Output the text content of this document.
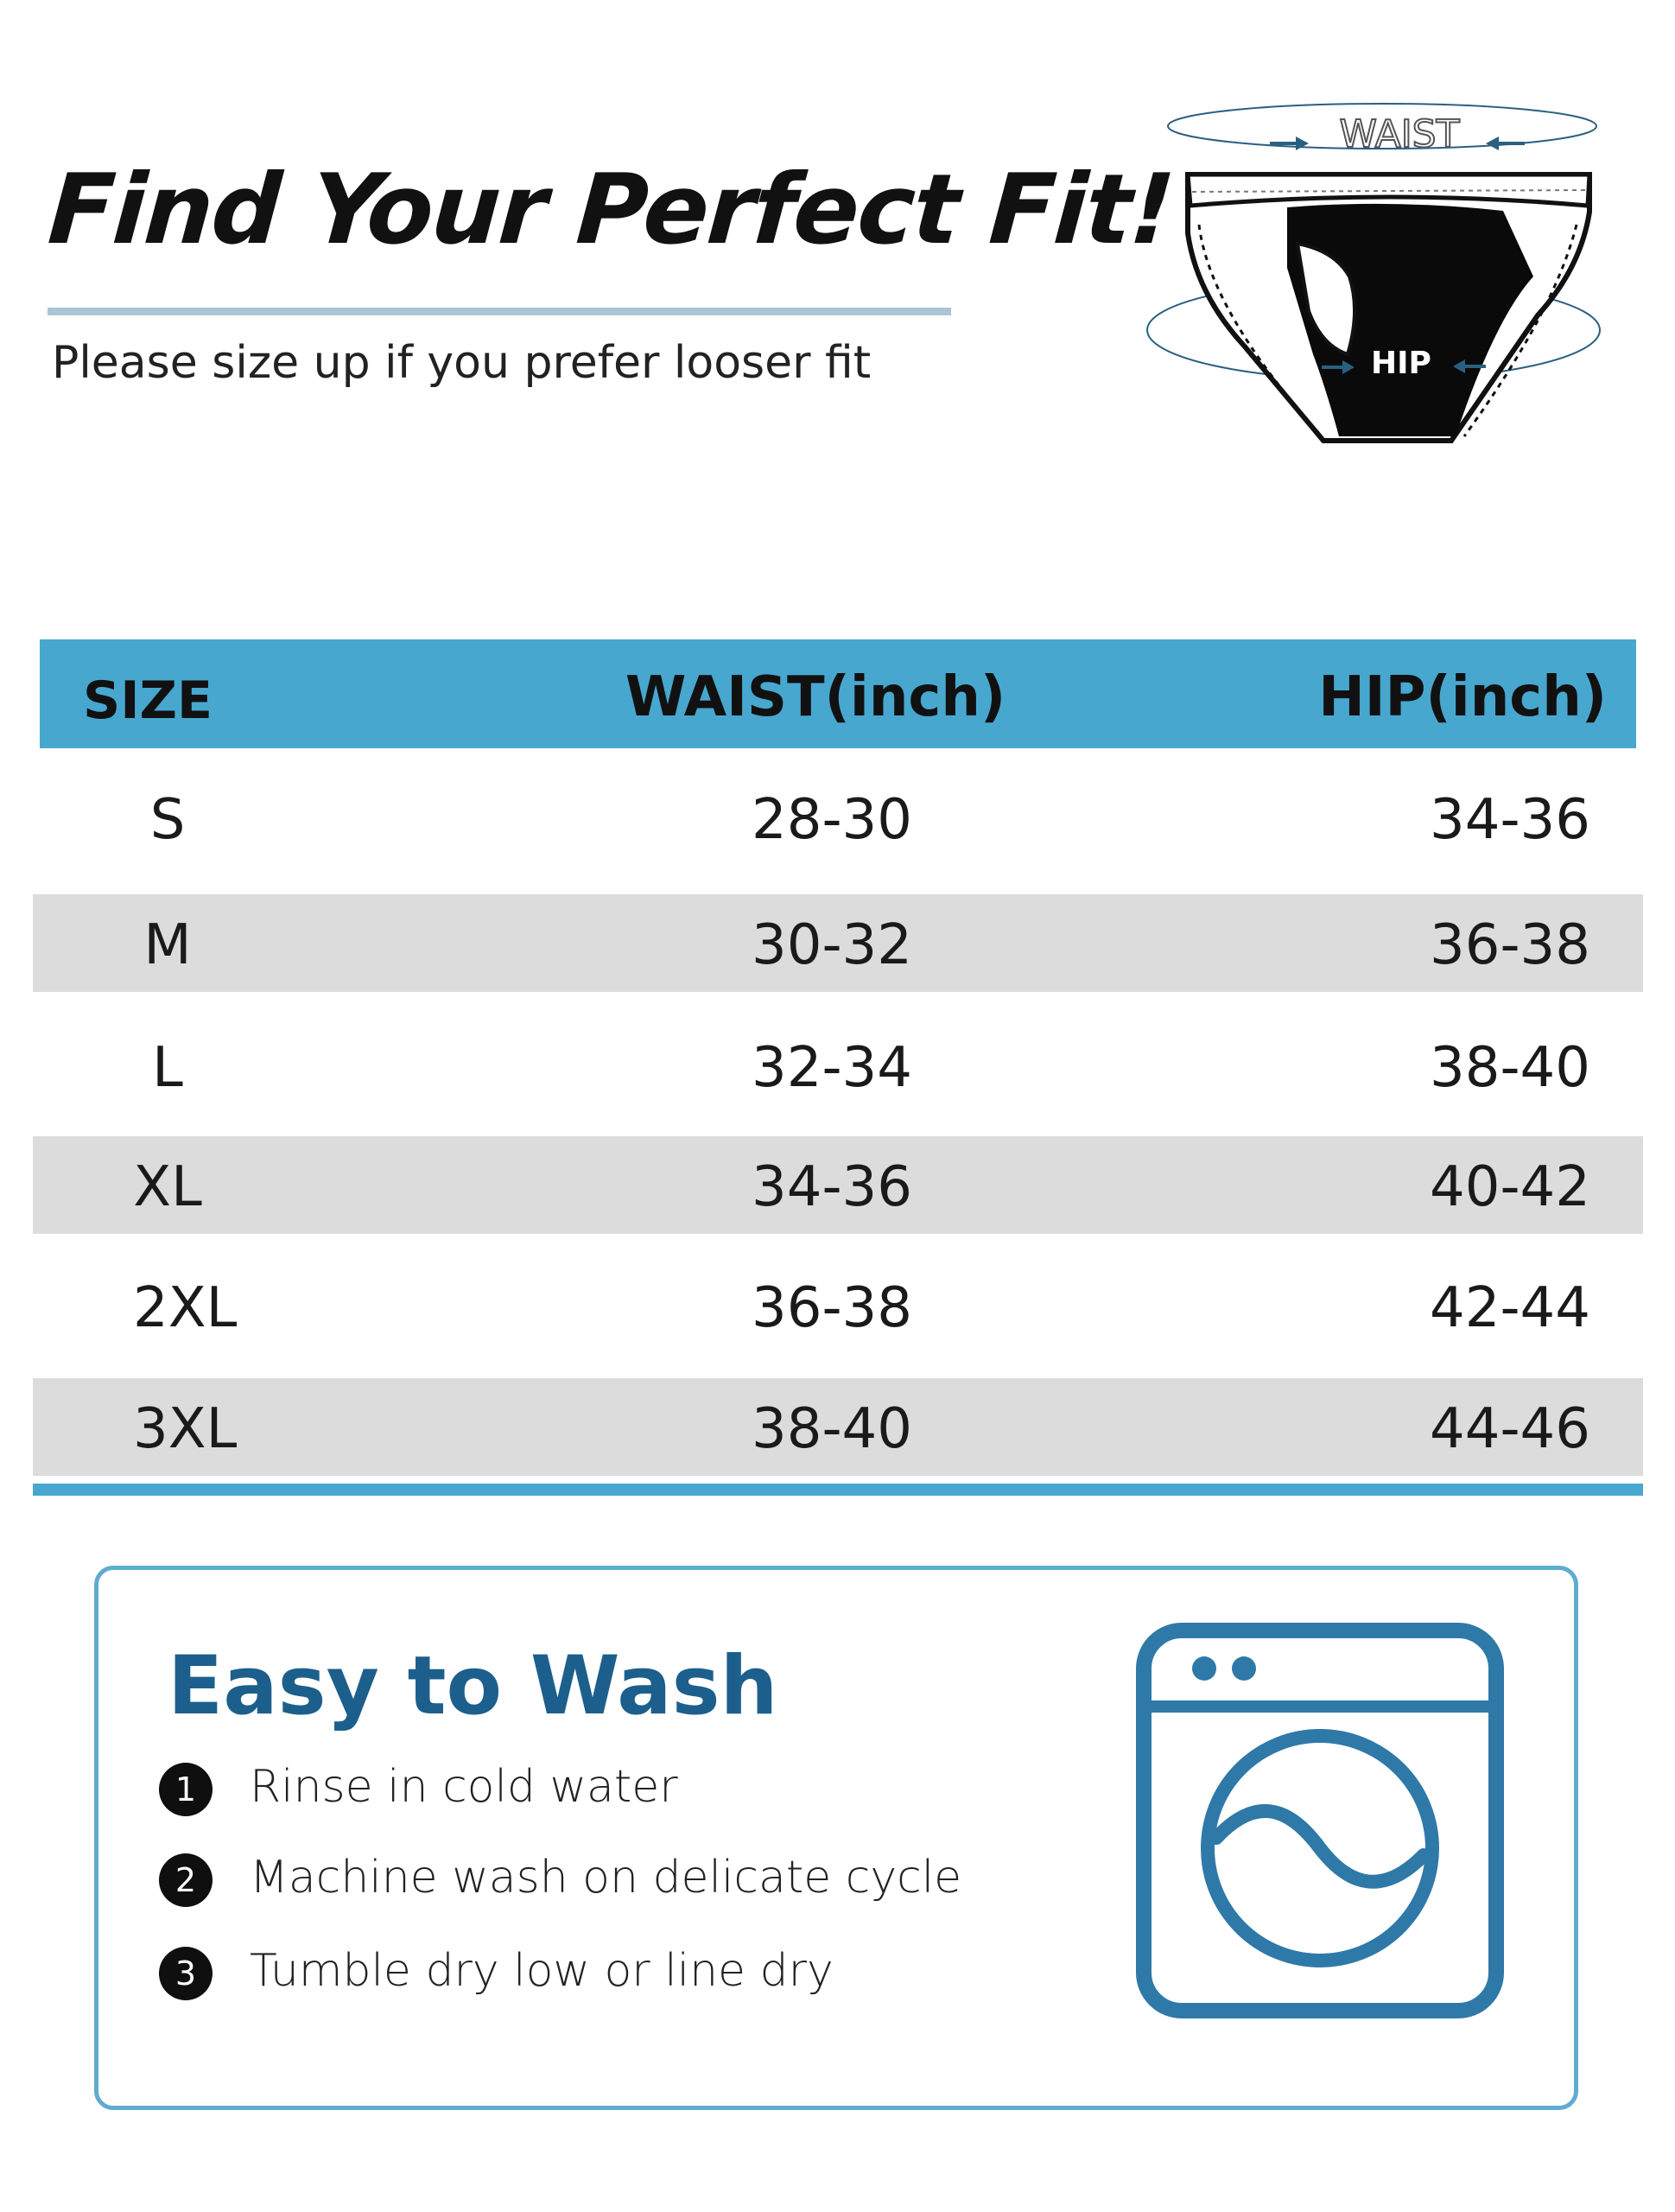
Find Your Perfect Fit!
Please size up if you prefer looser fit
WAIST
HIP
SIZE	WAIST(inch)	HIP(inch)
S	28-30	34-36
M	30-32	36-38
L	32-34	38-40
XL	34-36	40-42
2XL	36-38	42-44
3XL	38-40	44-46
Easy to Wash
1	Rinse in cold water
2	Machine wash on delicate cycle
3	Tumble dry low or line dry
